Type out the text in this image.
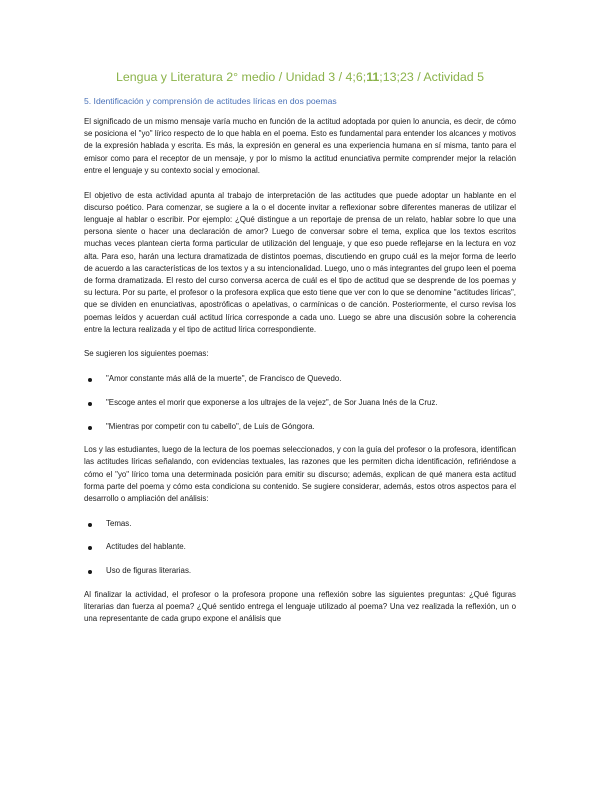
Lengua y Literatura 2° medio / Unidad 3 / 4;6;11;13;23 / Actividad 5
5. Identificación y comprensión de actitudes líricas en dos poemas

El significado de un mismo mensaje varía mucho en función de la actitud adoptada por quien lo anuncia, es decir, de cómo se posiciona el "yo" lírico respecto de lo que habla en el poema. Esto es fundamental para entender los alcances y motivos de la expresión hablada y escrita. Es más, la expresión en general es una experiencia humana en sí misma, tanto para el emisor como para el receptor de un mensaje, y por lo mismo la actitud enunciativa permite comprender mejor la relación entre el lenguaje y su contexto social y emocional.

El objetivo de esta actividad apunta al trabajo de interpretación de las actitudes que puede adoptar un hablante en el discurso poético. Para comenzar, se sugiere a la o el docente invitar a reflexionar sobre diferentes maneras de utilizar el lenguaje al hablar o escribir. Por ejemplo: ¿Qué distingue a un reportaje de prensa de un relato, hablar sobre lo que una persona siente o hacer una declaración de amor? Luego de conversar sobre el tema, explica que los textos escritos muchas veces plantean cierta forma particular de utilización del lenguaje, y que eso puede reflejarse en la lectura en voz alta. Para eso, harán una lectura dramatizada de distintos poemas, discutiendo en grupo cuál es la mejor forma de leerlo de acuerdo a las características de los textos y a su intencionalidad. Luego, uno o más integrantes del grupo leen el poema de forma dramatizada. El resto del curso conversa acerca de cuál es el tipo de actitud que se desprende de los poemas y su lectura. Por su parte, el profesor o la profesora explica que esto tiene que ver con lo que se denomine "actitudes líricas", que se dividen en enunciativas, apostróficas o apelativas, o carmínicas o de canción. Posteriormente, el curso revisa los poemas leídos y acuerdan cuál actitud lírica corresponde a cada uno. Luego se abre una discusión sobre la coherencia entre la lectura realizada y el tipo de actitud lírica correspondiente.

Se sugieren los siguientes poemas:

"Amor constante más allá de la muerte", de Francisco de Quevedo.
"Escoge antes el morir que exponerse a los ultrajes de la vejez", de Sor Juana Inés de la Cruz.
"Mientras por competir con tu cabello", de Luis de Góngora.

Los y las estudiantes, luego de la lectura de los poemas seleccionados, y con la guía del profesor o la profesora, identifican las actitudes líricas señalando, con evidencias textuales, las razones que les permiten dicha identificación, refiriéndose a cómo el "yo" lírico toma una determinada posición para emitir su discurso; además, explican de qué manera esta actitud forma parte del poema y cómo esta condiciona su contenido. Se sugiere considerar, además, estos otros aspectos para el desarrollo o ampliación del análisis:

Temas.
Actitudes del hablante.
Uso de figuras literarias.

Al finalizar la actividad, el profesor o la profesora propone una reflexión sobre las siguientes preguntas: ¿Qué figuras literarias dan fuerza al poema? ¿Qué sentido entrega el lenguaje utilizado al poema? Una vez realizada la reflexión, un o una representante de cada grupo expone el análisis que
